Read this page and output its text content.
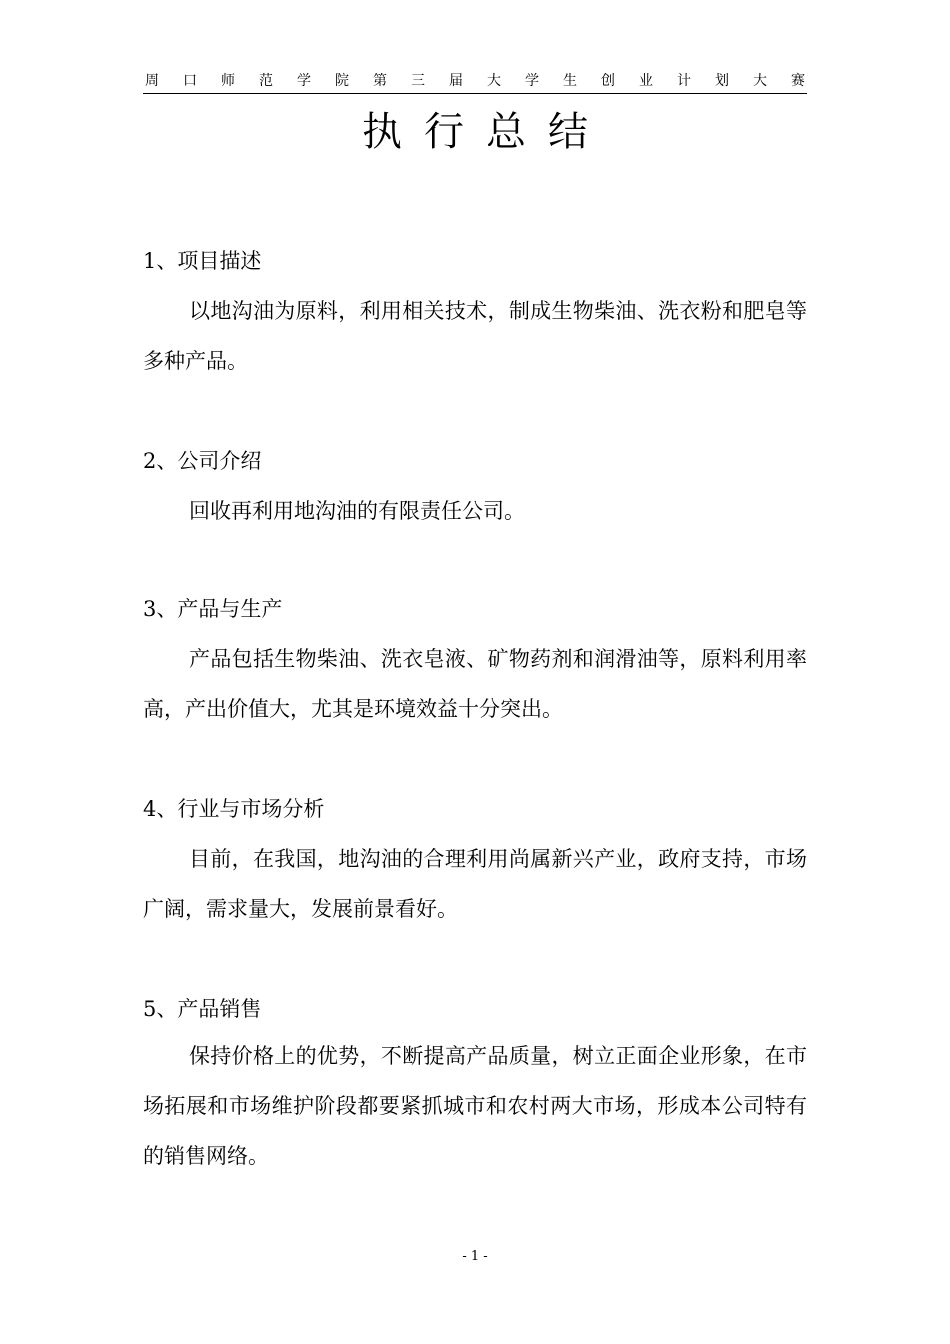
周 口 师 范 学 院 第 三 届 大 学 生 创 业 计 划 大 赛
执行总结
1、项目描述

以地沟油为原料，利用相关技术，制成生物柴油、洗衣粉和肥皂等多种产品。

2、公司介绍

回收再利用地沟油的有限责任公司。

3、产品与生产

产品包括生物柴油、洗衣皂液、矿物药剂和润滑油等，原料利用率高，产出价值大，尤其是环境效益十分突出。

4、行业与市场分析

目前，在我国，地沟油的合理利用尚属新兴产业，政府支持，市场广阔，需求量大，发展前景看好。

5、产品销售

保持价格上的优势，不断提高产品质量，树立正面企业形象，在市场拓展和市场维护阶段都要紧抓城市和农村两大市场，形成本公司特有的销售网络。

- 1 -
